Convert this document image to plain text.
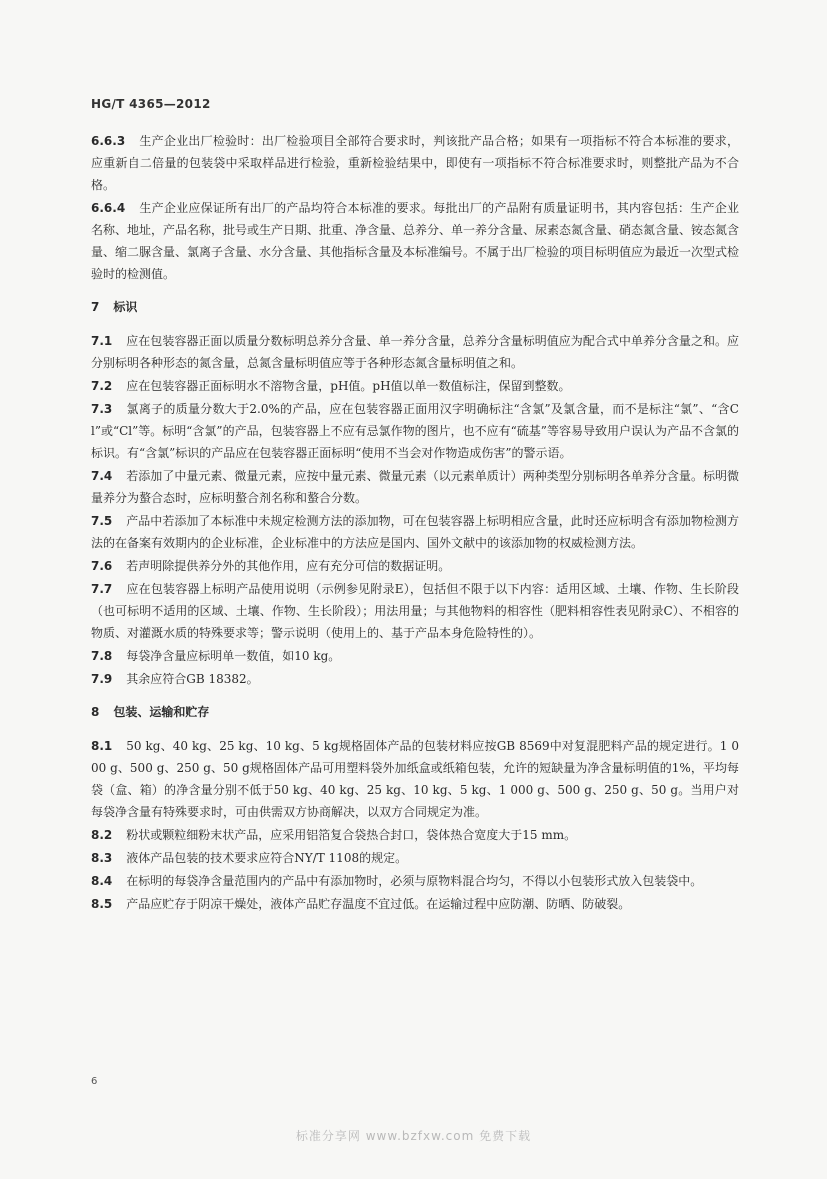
HG/T 4365—2012

6.6.3 生产企业出厂检验时：出厂检验项目全部符合要求时，判该批产品合格；如果有一项指标不符合本标准的要求，应重新自二倍量的包装袋中采取样品进行检验，重新检验结果中，即使有一项指标不符合标准要求时，则整批产品为不合格。

6.6.4 生产企业应保证所有出厂的产品均符合本标准的要求。每批出厂的产品附有质量证明书，其内容包括：生产企业名称、地址，产品名称，批号或生产日期、批重、净含量、总养分、单一养分含量、尿素态氮含量、硝态氮含量、铵态氮含量、缩二脲含量、氯离子含量、水分含量、其他指标含量及本标准编号。不属于出厂检验的项目标明值应为最近一次型式检验时的检测值。

7 标识

7.1 应在包装容器正面以质量分数标明总养分含量、单一养分含量，总养分含量标明值应为配合式中单养分含量之和。应分别标明各种形态的氮含量，总氮含量标明值应等于各种形态氮含量标明值之和。

7.2 应在包装容器正面标明水不溶物含量，pH值。pH值以单一数值标注，保留到整数。

7.3 氯离子的质量分数大于2.0%的产品，应在包装容器正面用汉字明确标注“含氯”及氯含量，而不是标注“氯”、“含Cl”或“Cl”等。标明“含氯”的产品，包装容器上不应有忌氯作物的图片，也不应有“硫基”等容易导致用户误认为产品不含氯的标识。有“含氯”标识的产品应在包装容器正面标明“使用不当会对作物造成伤害”的警示语。

7.4 若添加了中量元素、微量元素，应按中量元素、微量元素（以元素单质计）两种类型分别标明各单养分含量。标明微量养分为螯合态时，应标明螯合剂名称和螯合分数。

7.5 产品中若添加了本标准中未规定检测方法的添加物，可在包装容器上标明相应含量，此时还应标明含有添加物检测方法的在备案有效期内的企业标准，企业标准中的方法应是国内、国外文献中的该添加物的权威检测方法。

7.6 若声明除提供养分外的其他作用，应有充分可信的数据证明。

7.7 应在包装容器上标明产品使用说明（示例参见附录E），包括但不限于以下内容：适用区域、土壤、作物、生长阶段（也可标明不适用的区域、土壤、作物、生长阶段）；用法用量；与其他物料的相容性（肥料相容性表见附录C）、不相容的物质、对灌溉水质的特殊要求等；警示说明（使用上的、基于产品本身危险特性的）。

7.8 每袋净含量应标明单一数值，如10 kg。

7.9 其余应符合GB 18382。

8 包装、运输和贮存

8.1 50 kg、40 kg、25 kg、10 kg、5 kg规格固体产品的包装材料应按GB 8569中对复混肥料产品的规定进行。1 000 g、500 g、250 g、50 g规格固体产品可用塑料袋外加纸盒或纸箱包装，允许的短缺量为净含量标明值的1%，平均每袋（盒、箱）的净含量分别不低于50 kg、40 kg、25 kg、10 kg、5 kg、1 000 g、500 g、250 g、50 g。当用户对每袋净含量有特殊要求时，可由供需双方协商解决，以双方合同规定为准。

8.2 粉状或颗粒细粉末状产品，应采用铝箔复合袋热合封口，袋体热合宽度大于15 mm。

8.3 液体产品包装的技术要求应符合NY/T 1108的规定。

8.4 在标明的每袋净含量范围内的产品中有添加物时，必须与原物料混合均匀，不得以小包装形式放入包装袋中。

8.5 产品应贮存于阴凉干燥处，液体产品贮存温度不宜过低。在运输过程中应防潮、防晒、防破裂。

6
标准分享网 www.bzfxw.com 免费下载
